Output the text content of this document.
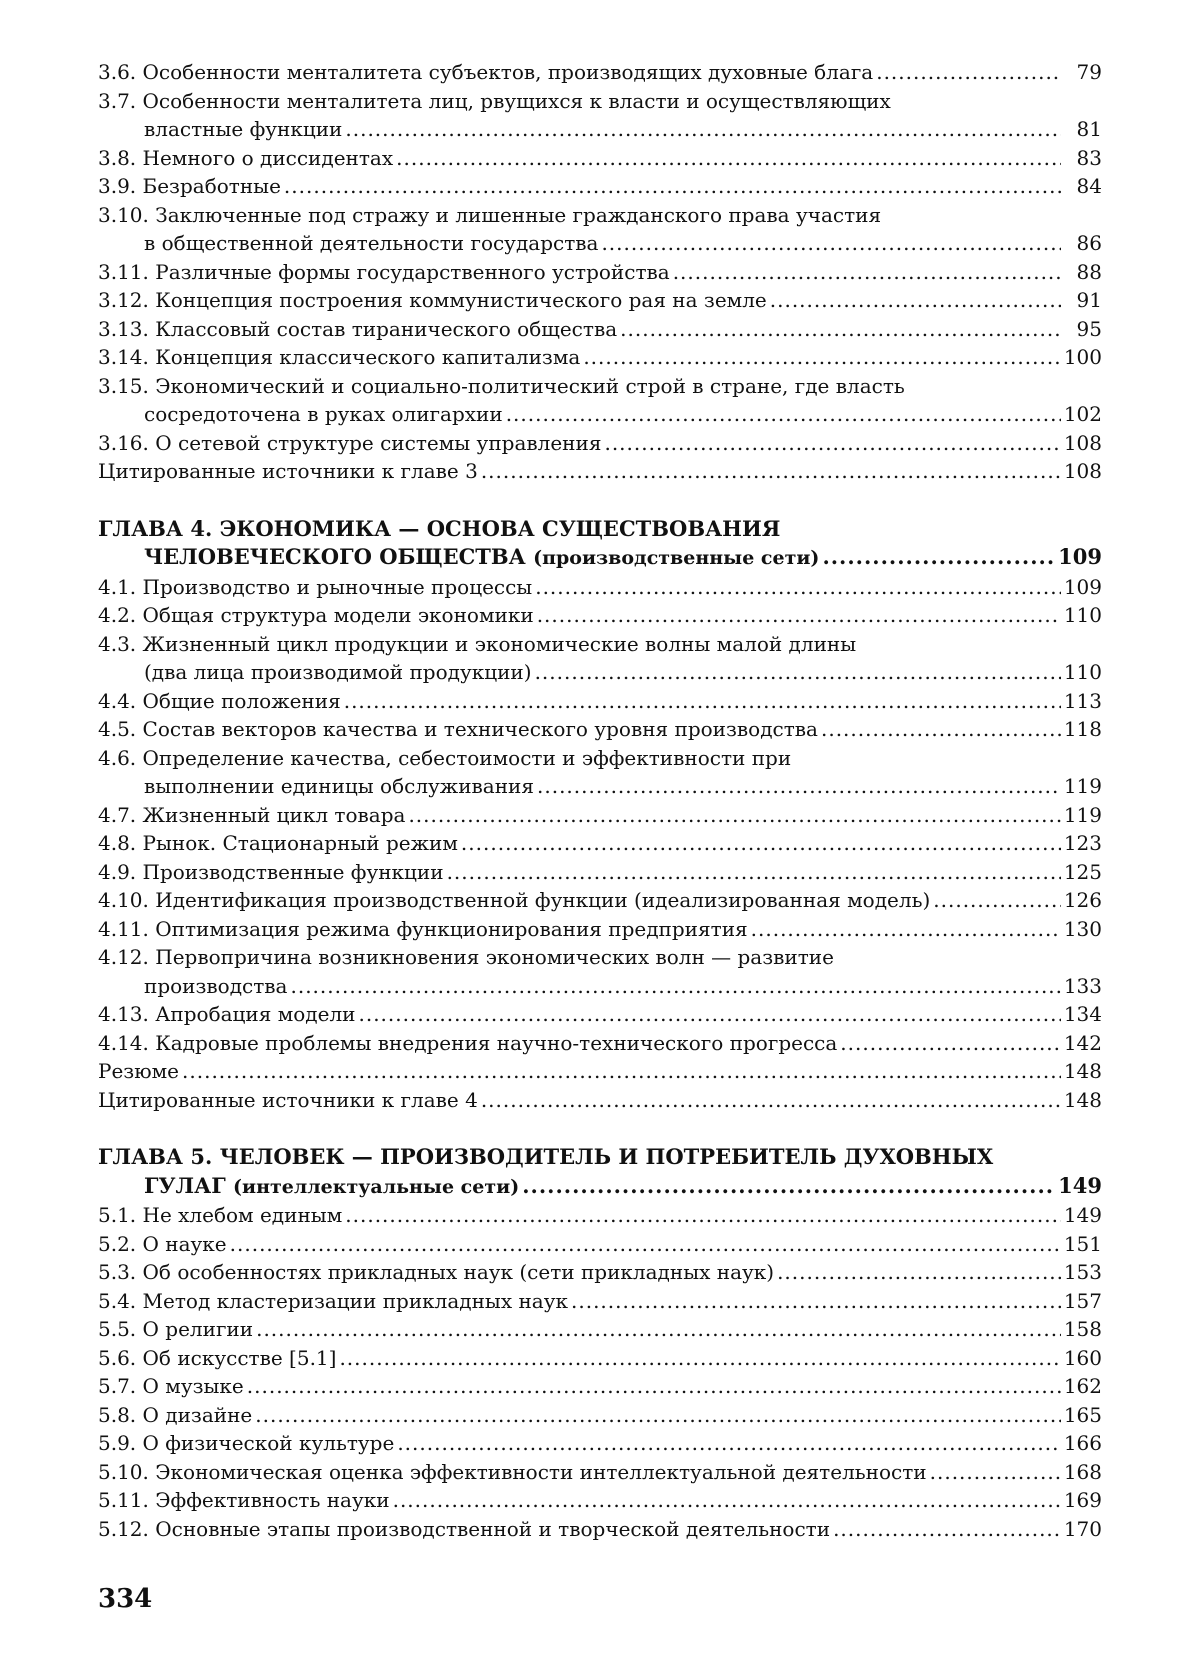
3.6. Особенности менталитета субъектов, производящих духовные блага
.....	79
3.7. Особенности менталитета лиц, рвущихся к власти и осуществляющих
властные функции
.....	81
3.8. Немного о диссидентах
.....	83
3.9. Безработные
.....	84
3.10. Заключенные под стражу и лишенные гражданского права участия
в общественной деятельности государства
.....	86
3.11. Различные формы государственного устройства
.....	88
3.12. Концепция построения коммунистического рая на земле
.....	91
3.13. Классовый состав тиранического общества
.....	95
3.14. Концепция классического капитализма
.....	100
3.15. Экономический и социально-политический строй в стране, где власть
сосредоточена в руках олигархии
.....	102
3.16. О сетевой структуре системы управления
.....	108
Цитированные источники к главе 3
.....	108
ГЛАВА 4. ЭКОНОМИКА — ОСНОВА СУЩЕСТВОВАНИЯ
ЧЕЛОВЕЧЕСКОГО ОБЩЕСТВА (производственные сети)
.....	109
4.1. Производство и рыночные процессы
.....	109
4.2. Общая структура модели экономики
.....	110
4.3. Жизненный цикл продукции и экономические волны малой длины
(два лица производимой продукции)
.....	110
4.4. Общие положения
.....	113
4.5. Состав векторов качества и технического уровня производства
.....	118
4.6. Определение качества, себестоимости и эффективности при
выполнении единицы обслуживания
.....	119
4.7. Жизненный цикл товара
.....	119
4.8. Рынок. Стационарный режим
.....	123
4.9. Производственные функции
.....	125
4.10. Идентификация производственной функции (идеализированная модель)
.....	126
4.11. Оптимизация режима функционирования предприятия
.....	130
4.12. Первопричина возникновения экономических волн — развитие
производства
.....	133
4.13. Апробация модели
.....	134
4.14. Кадровые проблемы внедрения научно-технического прогресса
.....	142
Резюме
.....	148
Цитированные источники к главе 4
.....	148
ГЛАВА 5. ЧЕЛОВЕК — ПРОИЗВОДИТЕЛЬ И ПОТРЕБИТЕЛЬ ДУХОВНЫХ
ГУЛАГ (интеллектуальные сети)
.....	149
5.1. Не хлебом единым
.....	149
5.2. О науке
.....	151
5.3. Об особенностях прикладных наук (сети прикладных наук)
.....	153
5.4. Метод кластеризации прикладных наук
.....	157
5.5. О религии
.....	158
5.6. Об искусстве [5.1]
.....	160
5.7. О музыке
.....	162
5.8. О дизайне
.....	165
5.9. О физической культуре
.....	166
5.10. Экономическая оценка эффективности интеллектуальной деятельности
.....	168
5.11. Эффективность науки
.....	169
5.12. Основные этапы производственной и творческой деятельности
.....	170
334
